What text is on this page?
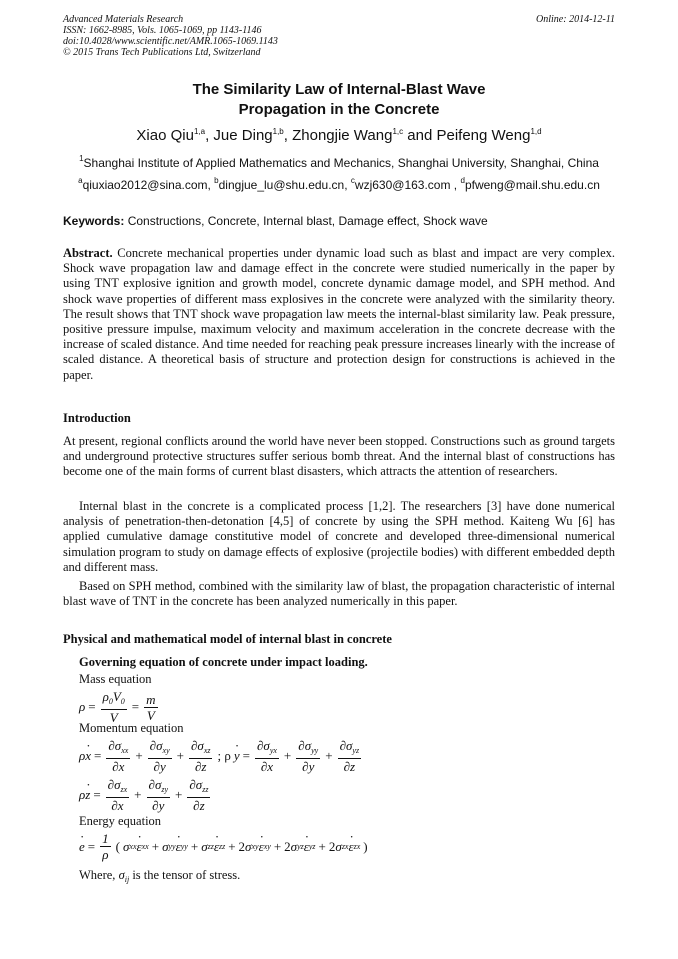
Advanced Materials Research
ISSN: 1662-8985, Vols. 1065-1069, pp 1143-1146
doi:10.4028/www.scientific.net/AMR.1065-1069.1143
© 2015 Trans Tech Publications Ltd, Switzerland
Online: 2014-12-11
The Similarity Law of Internal-Blast Wave
Propagation in the Concrete
Xiao Qiu$^{1,a}$, Jue Ding$^{1,b}$, Zhongjie Wang$^{1,c}$ and Peifeng Weng$^{1,d}$
$^1$Shanghai Institute of Applied Mathematics and Mechanics, Shanghai University, Shanghai, China
$^a$qiuxiao2012@sina.com, $^b$dingjue_lu@shu.edu.cn, $^c$wzj630@163.com , $^d$pfweng@mail.shu.edu.cn
Keywords: Constructions, Concrete, Internal blast, Damage effect, Shock wave
Abstract. Concrete mechanical properties under dynamic load such as blast and impact are very complex. Shock wave propagation law and damage effect in the concrete were studied numerically in the paper by using TNT explosive ignition and growth model, concrete dynamic damage model, and SPH method. And shock wave properties of different mass explosives in the concrete were analyzed with the similarity theory. The result shows that TNT shock wave propagation law meets the internal-blast similarity law. Peak pressure, positive pressure impulse, maximum velocity and maximum acceleration in the concrete decrease with the increase of scaled distance. And time needed for reaching peak pressure increases linearly with the increase of scaled distance. A theoretical basis of structure and protection design for constructions is achieved in the paper.
Introduction
At present, regional conflicts around the world have never been stopped. Constructions such as ground targets and underground protective structures suffer serious bomb threat. And the internal blast of constructions has become one of the main forms of current blast disasters, which attracts the attention of researchers.
Internal blast in the concrete is a complicated process [1,2]. The researchers [3] have done numerical analysis of penetration-then-detonation [4,5] of concrete by using the SPH method. Kaiteng Wu [6] has applied cumulative damage constitutive model of concrete and developed three-dimensional numerical simulation program to study on damage effects of explosive (projectile bodies) with different embedded depth and different mass.
Based on SPH method, combined with the similarity law of blast, the propagation characteristic of internal blast wave of TNT in the concrete has been analyzed numerically in this paper.
Physical and mathematical model of internal blast in concrete
Governing equation of concrete under impact loading.
Mass equation
$\rho = \frac{\rho_0V_0}{V} = \frac{m}{V}$
Momentum equation
ρ
· $x = \frac{\partial\sigma_{xx}}{\partial x} + \frac{\partial\sigma_{xy}}{\partial y} + \frac{\partial\sigma_{xz}}{\partial z}$ ; ρ
· $y = \frac{\partial\sigma_{yx}}{\partial x} + \frac{\partial\sigma_{yy}}{\partial y} + \frac{\partial\sigma_{yz}}{\partial z}$
ρ
· $z = \frac{\partial\sigma_{zx}}{\partial x} + \frac{\partial\sigma_{zy}}{\partial y} + \frac{\partial\sigma_{zz}}{\partial z}$
Energy equation
· $e = \frac{1}{\rho}$ ( σ xx
· ε xx + σ yy
· ε yy + σ zz
· ε zz + 2 σ xy
· ε xy + 2 σ yz
· ε yz + 2 σ zx
· ε zx )
Where, $\sigma_{ij}$ is the tensor of stress.
